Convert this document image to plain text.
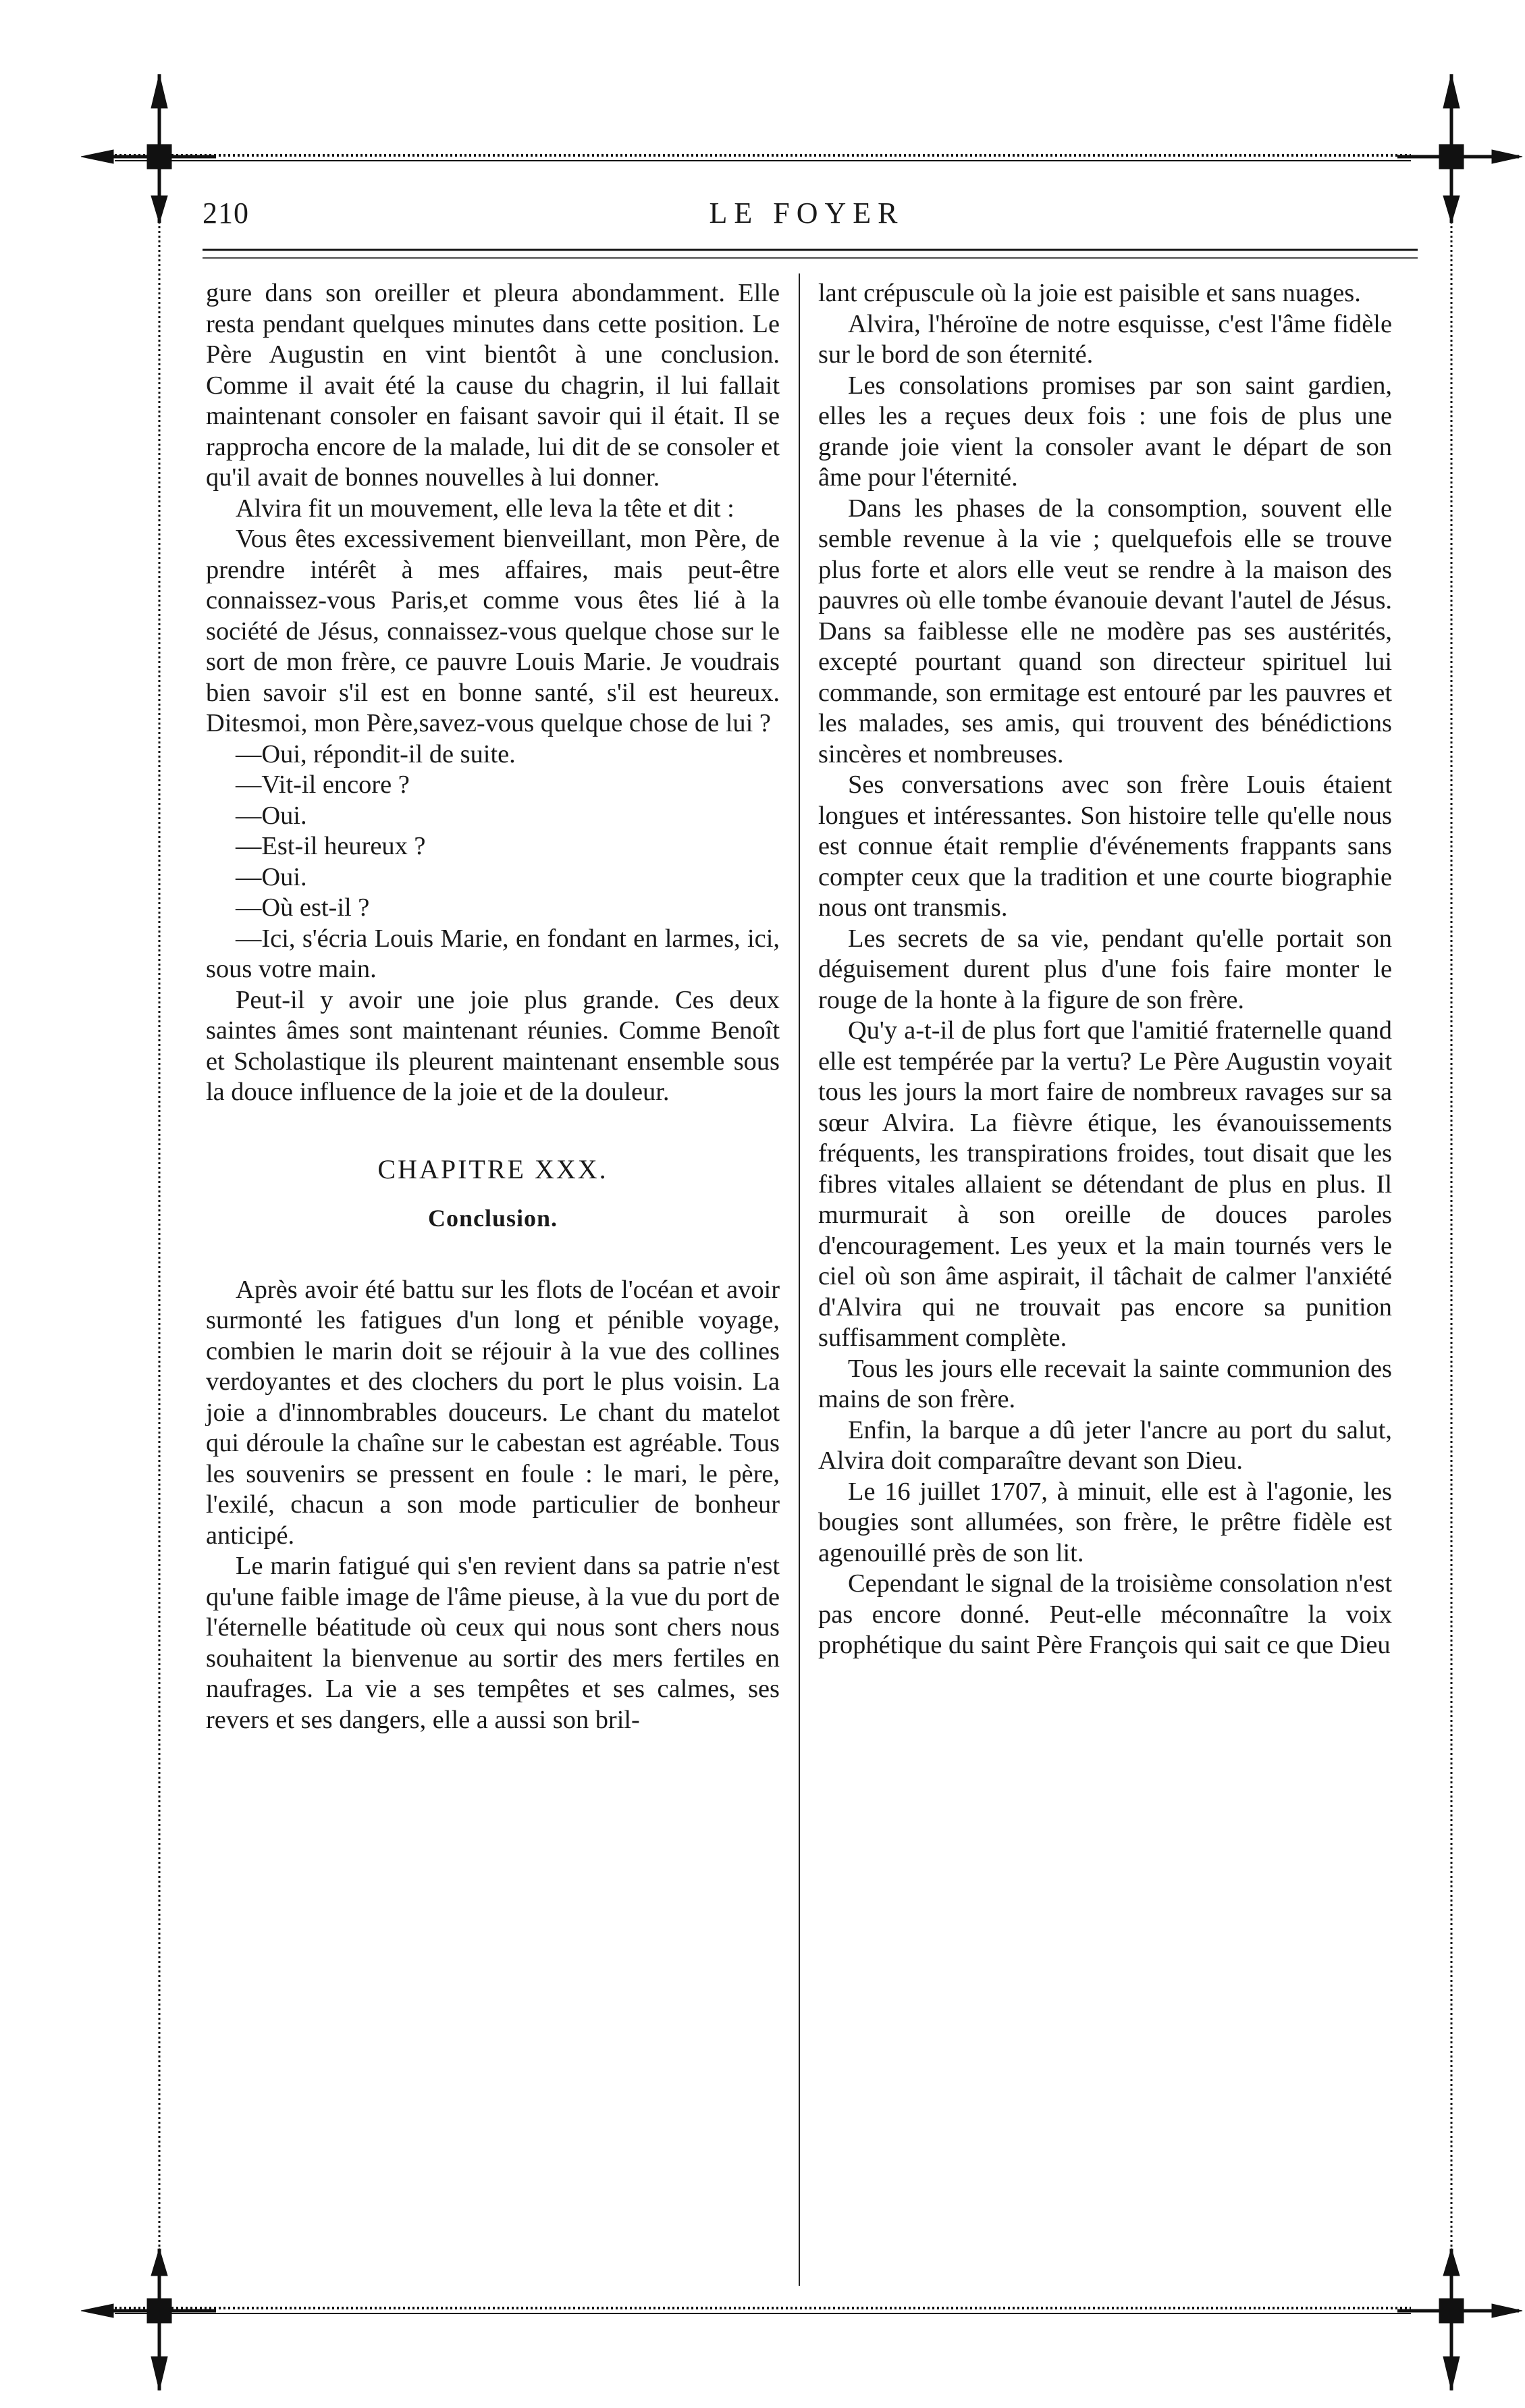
210	LE FOYER

gure dans son oreiller et pleura abondamment. Elle resta pendant quelques minutes dans cette position. Le Père Augustin en vint bientôt à une conclusion. Comme il avait été la cause du chagrin, il lui fallait maintenant consoler en faisant savoir qui il était. Il se rapprocha encore de la malade, lui dit de se consoler et qu'il avait de bonnes nouvelles à lui donner.

Alvira fit un mouvement, elle leva la tête et dit :

Vous êtes excessivement bienveillant, mon Père, de prendre intérêt à mes affaires, mais peut-être connaissez-vous Paris,et comme vous êtes lié à la société de Jésus, connaissez-vous quelque chose sur le sort de mon frère, ce pauvre Louis Marie. Je voudrais bien savoir s'il est en bonne santé, s'il est heureux. Ditesmoi, mon Père,savez-vous quelque chose de lui ?

—Oui, répondit-il de suite.

—Vit-il encore ?

—Oui.

—Est-il heureux ?

—Oui.

—Où est-il ?

—Ici, s'écria Louis Marie, en fondant en larmes, ici, sous votre main.

Peut-il y avoir une joie plus grande. Ces deux saintes âmes sont maintenant réunies. Comme Benoît et Scholastique ils pleurent maintenant ensemble sous la douce influence de la joie et de la douleur.

CHAPITRE XXX.
Conclusion.

Après avoir été battu sur les flots de l'océan et avoir surmonté les fatigues d'un long et pénible voyage, combien le marin doit se réjouir à la vue des collines verdoyantes et des clochers du port le plus voisin. La joie a d'innombrables douceurs. Le chant du matelot qui déroule la chaîne sur le cabestan est agréable. Tous les souvenirs se pressent en foule : le mari, le père, l'exilé, chacun a son mode particulier de bonheur anticipé.

Le marin fatigué qui s'en revient dans sa patrie n'est qu'une faible image de l'âme pieuse, à la vue du port de l'éternelle béatitude où ceux qui nous sont chers nous souhaitent la bienvenue au sortir des mers fertiles en naufrages. La vie a ses tempêtes et ses calmes, ses revers et ses dangers, elle a aussi son bril-

lant crépuscule où la joie est paisible et sans nuages.

Alvira, l'héroïne de notre esquisse, c'est l'âme fidèle sur le bord de son éternité.

Les consolations promises par son saint gardien, elles les a reçues deux fois : une fois de plus une grande joie vient la consoler avant le départ de son âme pour l'éternité.

Dans les phases de la consomption, souvent elle semble revenue à la vie ; quelquefois elle se trouve plus forte et alors elle veut se rendre à la maison des pauvres où elle tombe évanouie devant l'autel de Jésus. Dans sa faiblesse elle ne modère pas ses austérités, excepté pourtant quand son directeur spirituel lui commande, son ermitage est entouré par les pauvres et les malades, ses amis, qui trouvent des bénédictions sincères et nombreuses.

Ses conversations avec son frère Louis étaient longues et intéressantes. Son histoire telle qu'elle nous est connue était remplie d'événements frappants sans compter ceux que la tradition et une courte biographie nous ont transmis.

Les secrets de sa vie, pendant qu'elle portait son déguisement durent plus d'une fois faire monter le rouge de la honte à la figure de son frère.

Qu'y a-t-il de plus fort que l'amitié fraternelle quand elle est tempérée par la vertu? Le Père Augustin voyait tous les jours la mort faire de nombreux ravages sur sa sœur Alvira. La fièvre étique, les évanouissements fréquents, les transpirations froides, tout disait que les fibres vitales allaient se détendant de plus en plus. Il murmurait à son oreille de douces paroles d'encouragement. Les yeux et la main tournés vers le ciel où son âme aspirait, il tâchait de calmer l'anxiété d'Alvira qui ne trouvait pas encore sa punition suffisamment complète.

Tous les jours elle recevait la sainte communion des mains de son frère.

Enfin, la barque a dû jeter l'ancre au port du salut, Alvira doit comparaître devant son Dieu.

Le 16 juillet 1707, à minuit, elle est à l'agonie, les bougies sont allumées, son frère, le prêtre fidèle est agenouillé près de son lit.

Cependant le signal de la troisième consolation n'est pas encore donné. Peut-elle méconnaître la voix prophétique du saint Père François qui sait ce que Dieu
